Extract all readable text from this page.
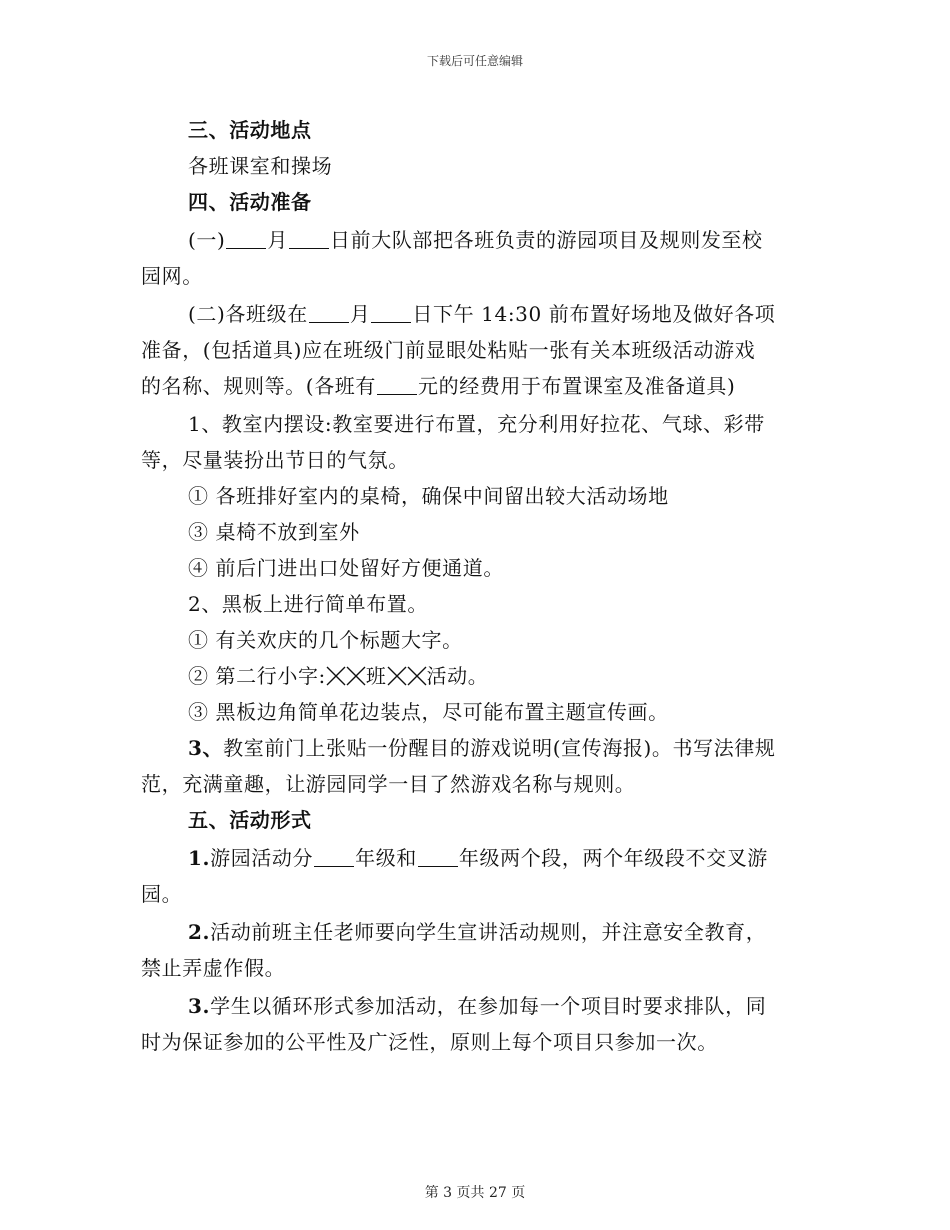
下载后可任意编辑
三、活动地点
各班课室和操场
四、活动准备
(一) 月 日前大队部把各班负责的游园项目及规则发至校
园网。
(二)各班级在 月 日下午 14:30 前布置好场地及做好各项
准备，(包括道具)应在班级门前显眼处粘贴一张有关本班级活动游戏
的名称、规则等。(各班有 元的经费用于布置课室及准备道具)
1、教室内摆设:教室要进行布置，充分利用好拉花、气球、彩带
等，尽量装扮出节日的气氛。
① 各班排好室内的桌椅，确保中间留出较大活动场地
③ 桌椅不放到室外
④ 前后门进出口处留好方便通道。
2、黑板上进行简单布置。
① 有关欢庆的几个标题大字。
② 第二行小字: 班 活动。
③ 黑板边角简单花边装点，尽可能布置主题宣传画。
3、教室前门上张贴一份醒目的游戏说明(宣传海报)。书写法律规
范，充满童趣，让游园同学一目了然游戏名称与规则。
五、活动形式
1.游园活动分 年级和 年级两个段，两个年级段不交叉游
园。
2.活动前班主任老师要向学生宣讲活动规则，并注意安全教育，
禁止弄虚作假。
3.学生以循环形式参加活动，在参加每一个项目时要求排队，同
时为保证参加的公平性及广泛性，原则上每个项目只参加一次。
第 3 页共 27 页
